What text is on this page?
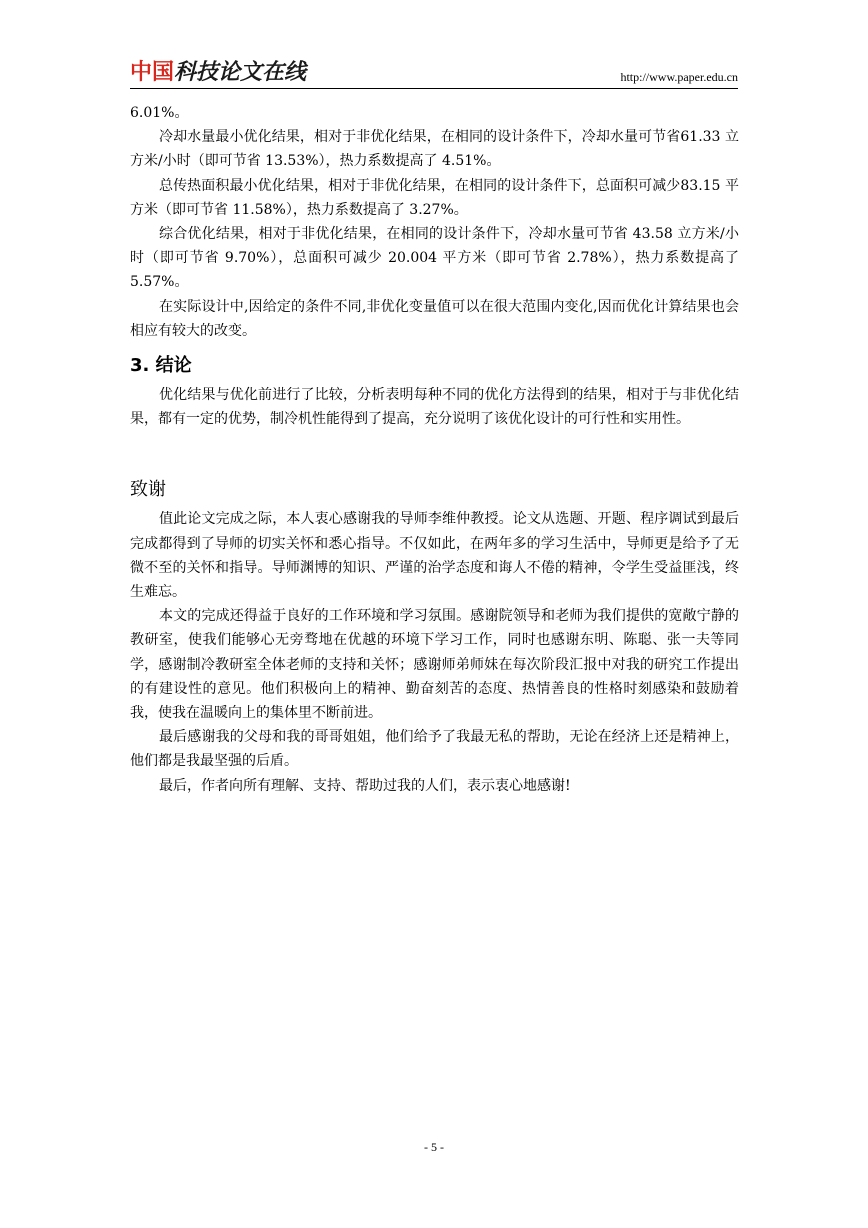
中国科技论文在线	http://www.paper.edu.cn

6.01%。

冷却水量最小优化结果，相对于非优化结果，在相同的设计条件下，冷却水量可节省61.33 立方米/小时（即可节省 13.53%），热力系数提高了 4.51%。

总传热面积最小优化结果，相对于非优化结果，在相同的设计条件下，总面积可减少83.15 平方米（即可节省 11.58%），热力系数提高了 3.27%。

综合优化结果，相对于非优化结果，在相同的设计条件下，冷却水量可节省 43.58 立方米/小时（即可节省 9.70%），总面积可减少 20.004 平方米（即可节省 2.78%），热力系数提高了 5.57%。

在实际设计中,因给定的条件不同,非优化变量值可以在很大范围内变化,因而优化计算结果也会相应有较大的改变。

3. 结论

优化结果与优化前进行了比较，分析表明每种不同的优化方法得到的结果，相对于与非优化结果，都有一定的优势，制冷机性能得到了提高，充分说明了该优化设计的可行性和实用性。

致谢

值此论文完成之际，本人衷心感谢我的导师李维仲教授。论文从选题、开题、程序调试到最后完成都得到了导师的切实关怀和悉心指导。不仅如此，在两年多的学习生活中，导师更是给予了无微不至的关怀和指导。导师渊博的知识、严谨的治学态度和诲人不倦的精神，令学生受益匪浅，终生难忘。

本文的完成还得益于良好的工作环境和学习氛围。感谢院领导和老师为我们提供的宽敞宁静的教研室，使我们能够心无旁骛地在优越的环境下学习工作，同时也感谢东明、陈聪、张一夫等同学，感谢制冷教研室全体老师的支持和关怀；感谢师弟师妹在每次阶段汇报中对我的研究工作提出的有建设性的意见。他们积极向上的精神、勤奋刻苦的态度、热情善良的性格时刻感染和鼓励着我，使我在温暖向上的集体里不断前进。

最后感谢我的父母和我的哥哥姐姐，他们给予了我最无私的帮助，无论在经济上还是精神上，他们都是我最坚强的后盾。

最后，作者向所有理解、支持、帮助过我的人们，表示衷心地感谢!

- 5 -
